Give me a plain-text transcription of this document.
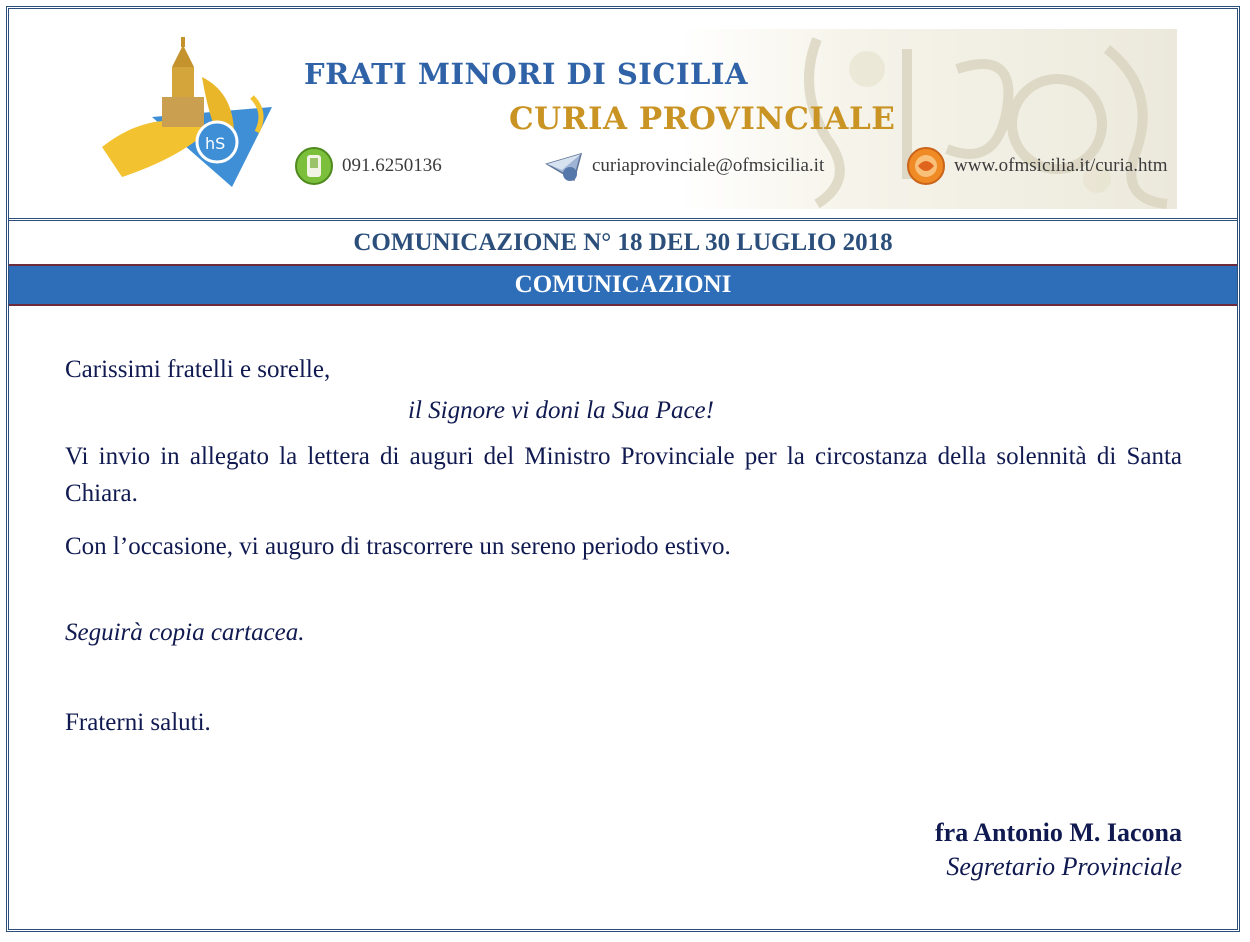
hS
FRATI MINORI DI SICILIA
CURIA PROVINCIALE
091.6250136	curiaprovinciale@ofmsicilia.it	www.ofmsicilia.it/curia.htm
COMUNICAZIONE N° 18 DEL 30 LUGLIO 2018
COMUNICAZIONI

Carissimi fratelli e sorelle,

il Signore vi doni la Sua Pace!

Vi invio in allegato la lettera di auguri del Ministro Provinciale per la circostanza della solennità di Santa Chiara.

Con l’occasione, vi auguro di trascorrere un sereno periodo estivo.

Seguirà copia cartacea.

Fraterni saluti.

fra Antonio M. Iacona
Segretario Provinciale
